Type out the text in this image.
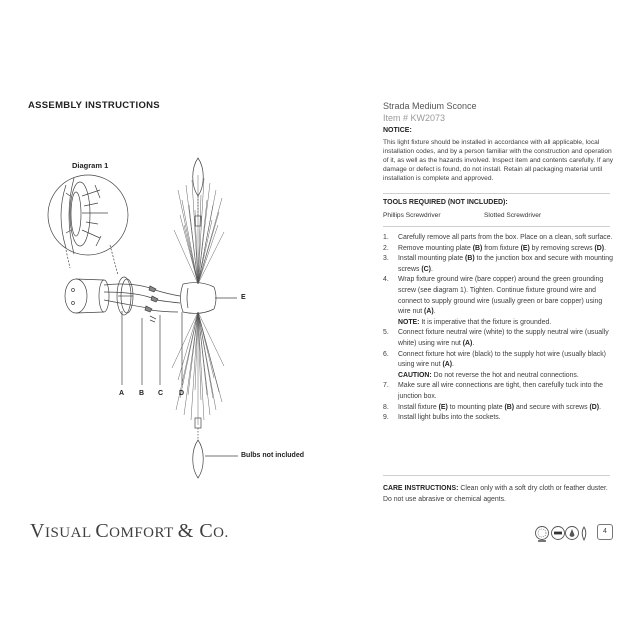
ASSEMBLY INSTRUCTIONS	Strada Medium Sconce
Item # KW2073
NOTICE:
This light fixture should be installed in accordance with all applicable, local installation codes, and by a person familiar with the construction and operation of it, as well as the hazards involved. Inspect item and contents carefully. If any damage or defect is found, do not install. Retain all packaging material until installation is complete and approved.
TOOLS REQUIRED (NOT INCLUDED):
Phillips Screwdriver	Slotted Screwdriver
1. Carefully remove all parts from the box. Place on a clean, soft surface.
2. Remove mounting plate (B) from fixture (E) by removing screws (D).
3. Install mounting plate (B) to the junction box and secure with mounting screws (C).
4. Wrap fixture ground wire (bare copper) around the green grounding screw (see diagram 1). Tighten. Continue fixture ground wire and connect to supply ground wire (usually green or bare copper) using wire nut (A).
NOTE: It is imperative that the fixture is grounded.
5. Connect fixture neutral wire (white) to the supply neutral wire (usually white) using wire nut (A).
6. Connect fixture hot wire (black) to the supply hot wire (usually black) using wire nut (A).
CAUTION: Do not reverse the hot and neutral connections.
7. Make sure all wire connections are tight, then carefully tuck into the junction box.
8. Install fixture (E) to mounting plate (B) and secure with screws (D).
9. Install light bulbs into the sockets.
CARE INSTRUCTIONS: Clean only with a soft dry cloth or feather duster. Do not use abrasive or chemical agents.
VISUAL COMFORT & CO.	4
Diagram 1
A B C D
E
Bulbs not included
